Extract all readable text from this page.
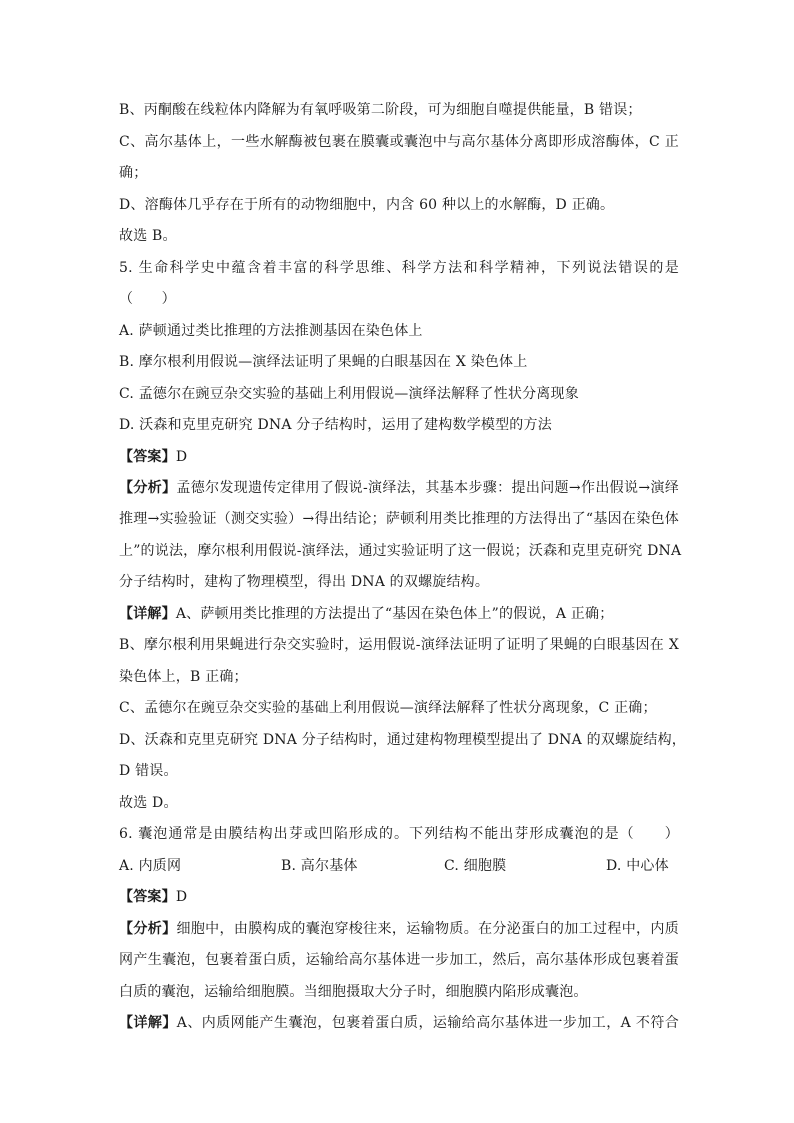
B、丙酮酸在线粒体内降解为有氧呼吸第二阶段，可为细胞自噬提供能量，B 错误；
C、高尔基体上，一些水解酶被包裹在膜囊或囊泡中与高尔基体分离即形成溶酶体，C 正
确；
D、溶酶体几乎存在于所有的动物细胞中，内含 60 种以上的水解酶，D 正确。
故选 B。
5. 生命科学史中蕴含着丰富的科学思维、科学方法和科学精神，下列说法错误的是
（　　）
A. 萨顿通过类比推理的方法推测基因在染色体上
B. 摩尔根利用假说—演绎法证明了果蝇的白眼基因在 X 染色体上
C. 孟德尔在豌豆杂交实验的基础上利用假说—演绎法解释了性状分离现象
D. 沃森和克里克研究 DNA 分子结构时，运用了建构数学模型的方法
【答案】D
【分析】孟德尔发现遗传定律用了假说-演绎法，其基本步骤：提出问题→作出假说→演绎
推理→实验验证（测交实验）→得出结论；萨顿利用类比推理的方法得出了“基因在染色体
上”的说法，摩尔根利用假说-演绎法，通过实验证明了这一假说；沃森和克里克研究 DNA
分子结构时，建构了物理模型，得出 DNA 的双螺旋结构。
【详解】A、萨顿用类比推理的方法提出了“基因在染色体上”的假说，A 正确；
B、摩尔根利用果蝇进行杂交实验时，运用假说-演绎法证明了证明了果蝇的白眼基因在 X
染色体上，B 正确；
C、孟德尔在豌豆杂交实验的基础上利用假说—演绎法解释了性状分离现象，C 正确；
D、沃森和克里克研究 DNA 分子结构时，通过建构物理模型提出了 DNA 的双螺旋结构，
D 错误。
故选 D。
6. 囊泡通常是由膜结构出芽或凹陷形成的。下列结构不能出芽形成囊泡的是（　　）
A. 内质网	B. 高尔基体	C. 细胞膜	D. 中心体
【答案】D
【分析】细胞中，由膜构成的囊泡穿梭往来，运输物质。在分泌蛋白的加工过程中，内质
网产生囊泡，包裹着蛋白质，运输给高尔基体进一步加工，然后，高尔基体形成包裹着蛋
白质的囊泡，运输给细胞膜。当细胞摄取大分子时，细胞膜内陷形成囊泡。
【详解】A、内质网能产生囊泡，包裹着蛋白质，运输给高尔基体进一步加工，A 不符合
